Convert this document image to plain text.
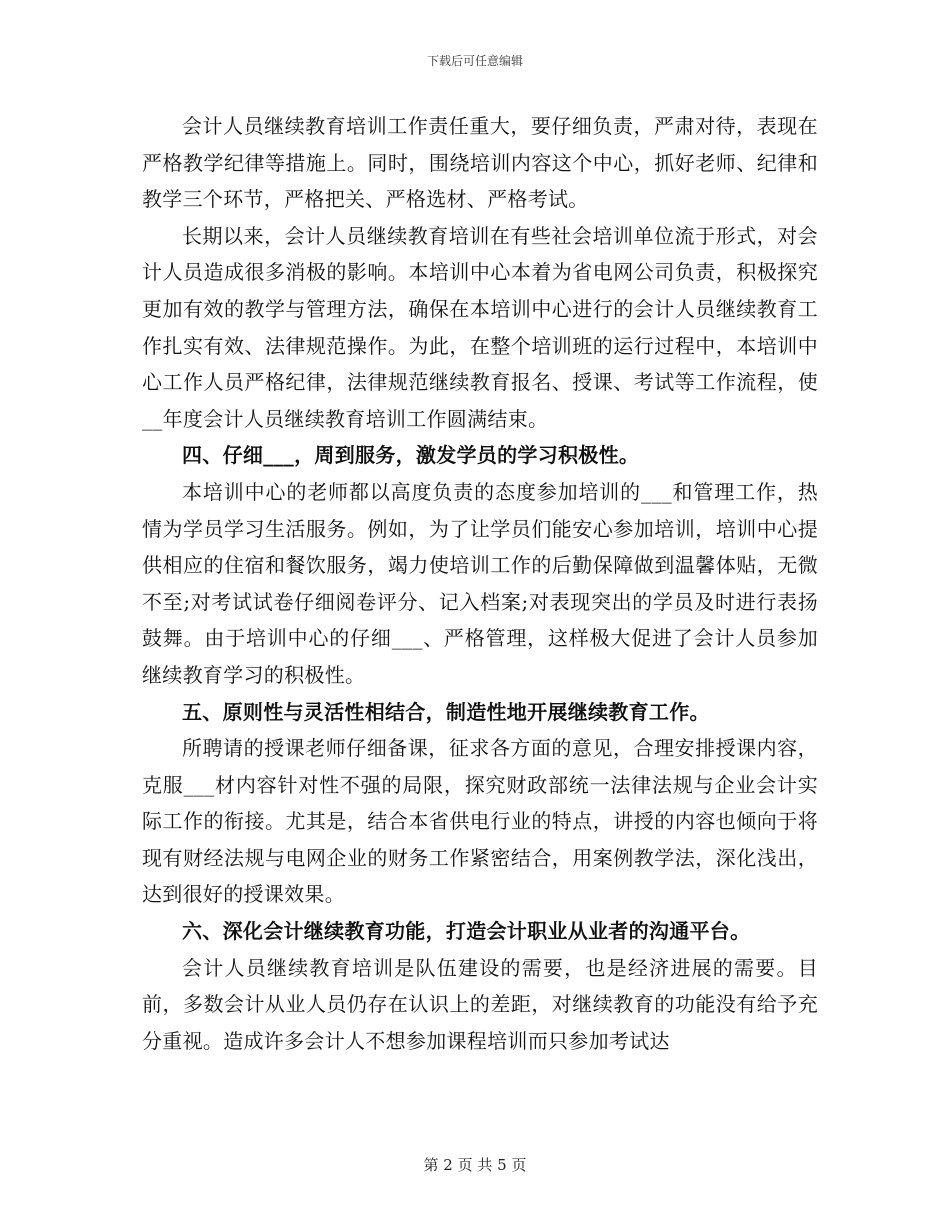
下载后可任意编辑

会计人员继续教育培训工作责任重大，要仔细负责，严肃对待，表现在严格教学纪律等措施上。同时，围绕培训内容这个中心，抓好老师、纪律和教学三个环节，严格把关、严格选材、严格考试。

长期以来，会计人员继续教育培训在有些社会培训单位流于形式，对会计人员造成很多消极的影响。本培训中心本着为省电网公司负责，积极探究更加有效的教学与管理方法，确保在本培训中心进行的会计人员继续教育工作扎实有效、法律规范操作。为此，在整个培训班的运行过程中，本培训中心工作人员严格纪律，法律规范继续教育报名、授课、考试等工作流程，使__年度会计人员继续教育培训工作圆满结束。

四、仔细___，周到服务，激发学员的学习积极性。

本培训中心的老师都以高度负责的态度参加培训的___和管理工作，热情为学员学习生活服务。例如，为了让学员们能安心参加培训，培训中心提供相应的住宿和餐饮服务，竭力使培训工作的后勤保障做到温馨体贴，无微不至;对考试试卷仔细阅卷评分、记入档案;对表现突出的学员及时进行表扬鼓舞。由于培训中心的仔细___、严格管理，这样极大促进了会计人员参加继续教育学习的积极性。

五、原则性与灵活性相结合，制造性地开展继续教育工作。

所聘请的授课老师仔细备课，征求各方面的意见，合理安排授课内容，克服___材内容针对性不强的局限，探究财政部统一法律法规与企业会计实际工作的衔接。尤其是，结合本省供电行业的特点，讲授的内容也倾向于将现有财经法规与电网企业的财务工作紧密结合，用案例教学法，深化浅出，达到很好的授课效果。

六、深化会计继续教育功能，打造会计职业从业者的沟通平台。

会计人员继续教育培训是队伍建设的需要，也是经济进展的需要。目前，多数会计从业人员仍存在认识上的差距，对继续教育的功能没有给予充分重视。造成许多会计人不想参加课程培训而只参加考试达

第 2 页 共 5 页
